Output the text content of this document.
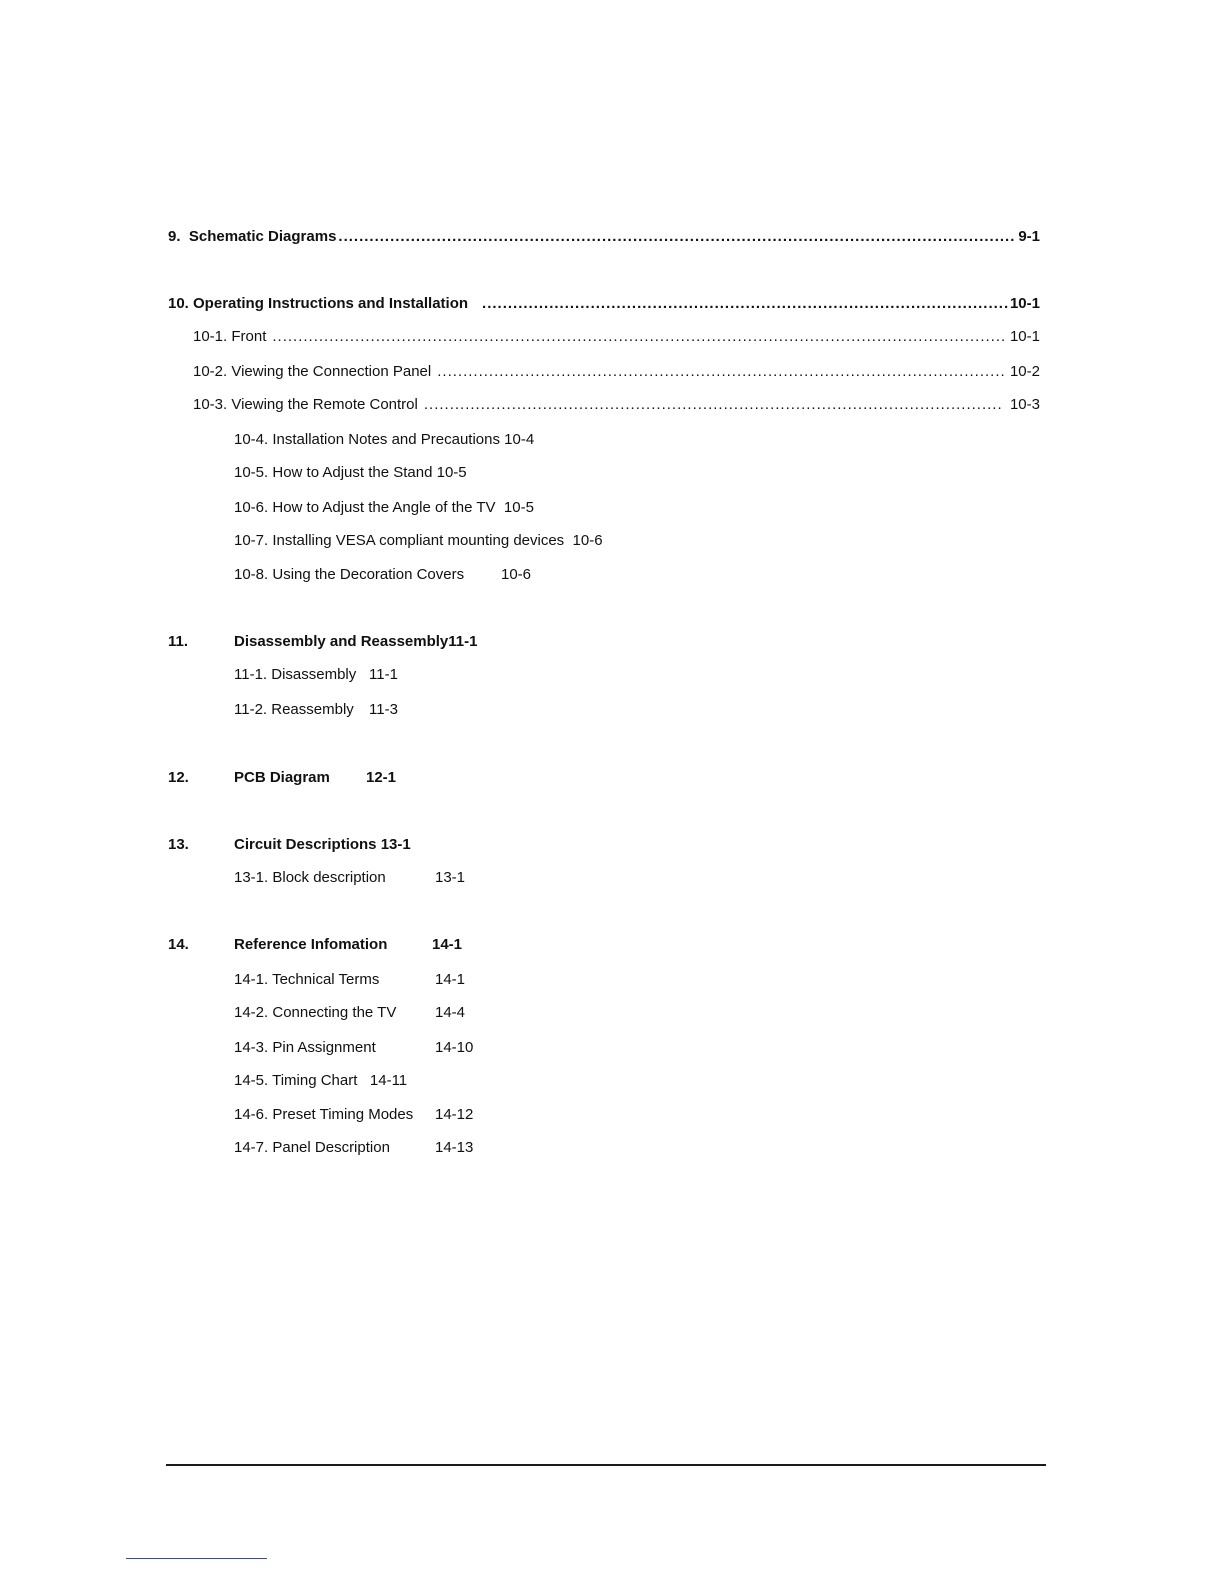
9.  Schematic Diagrams .....	9-1
10. Operating Instructions and Installation .....	10-1
10-1. Front .....	10-1
10-2. Viewing the Connection Panel .....	10-2
10-3. Viewing the Remote Control .....	10-3
10-4. Installation Notes and Precautions 10-4
10-5. How to Adjust the Stand 10-5
10-6. How to Adjust the Angle of the TV  10-5
10-7. Installing VESA compliant mounting devices  10-6
10-8. Using the Decoration Covers 10-6
11.	Disassembly and Reassembly11-1
11-1. Disassembly 11-1
11-2. Reassembly 11-3
12.	PCB Diagram 12-1
13.	Circuit Descriptions 13-1
13-1. Block description	13-1
14.	Reference Infomation	14-1
14-1. Technical Terms	14-1
14-2. Connecting the TV	14-4
14-3. Pin Assignment	14-10
14-5. Timing Chart   14-11
14-6. Preset Timing Modes 14-12
14-7. Panel Description	14-13
